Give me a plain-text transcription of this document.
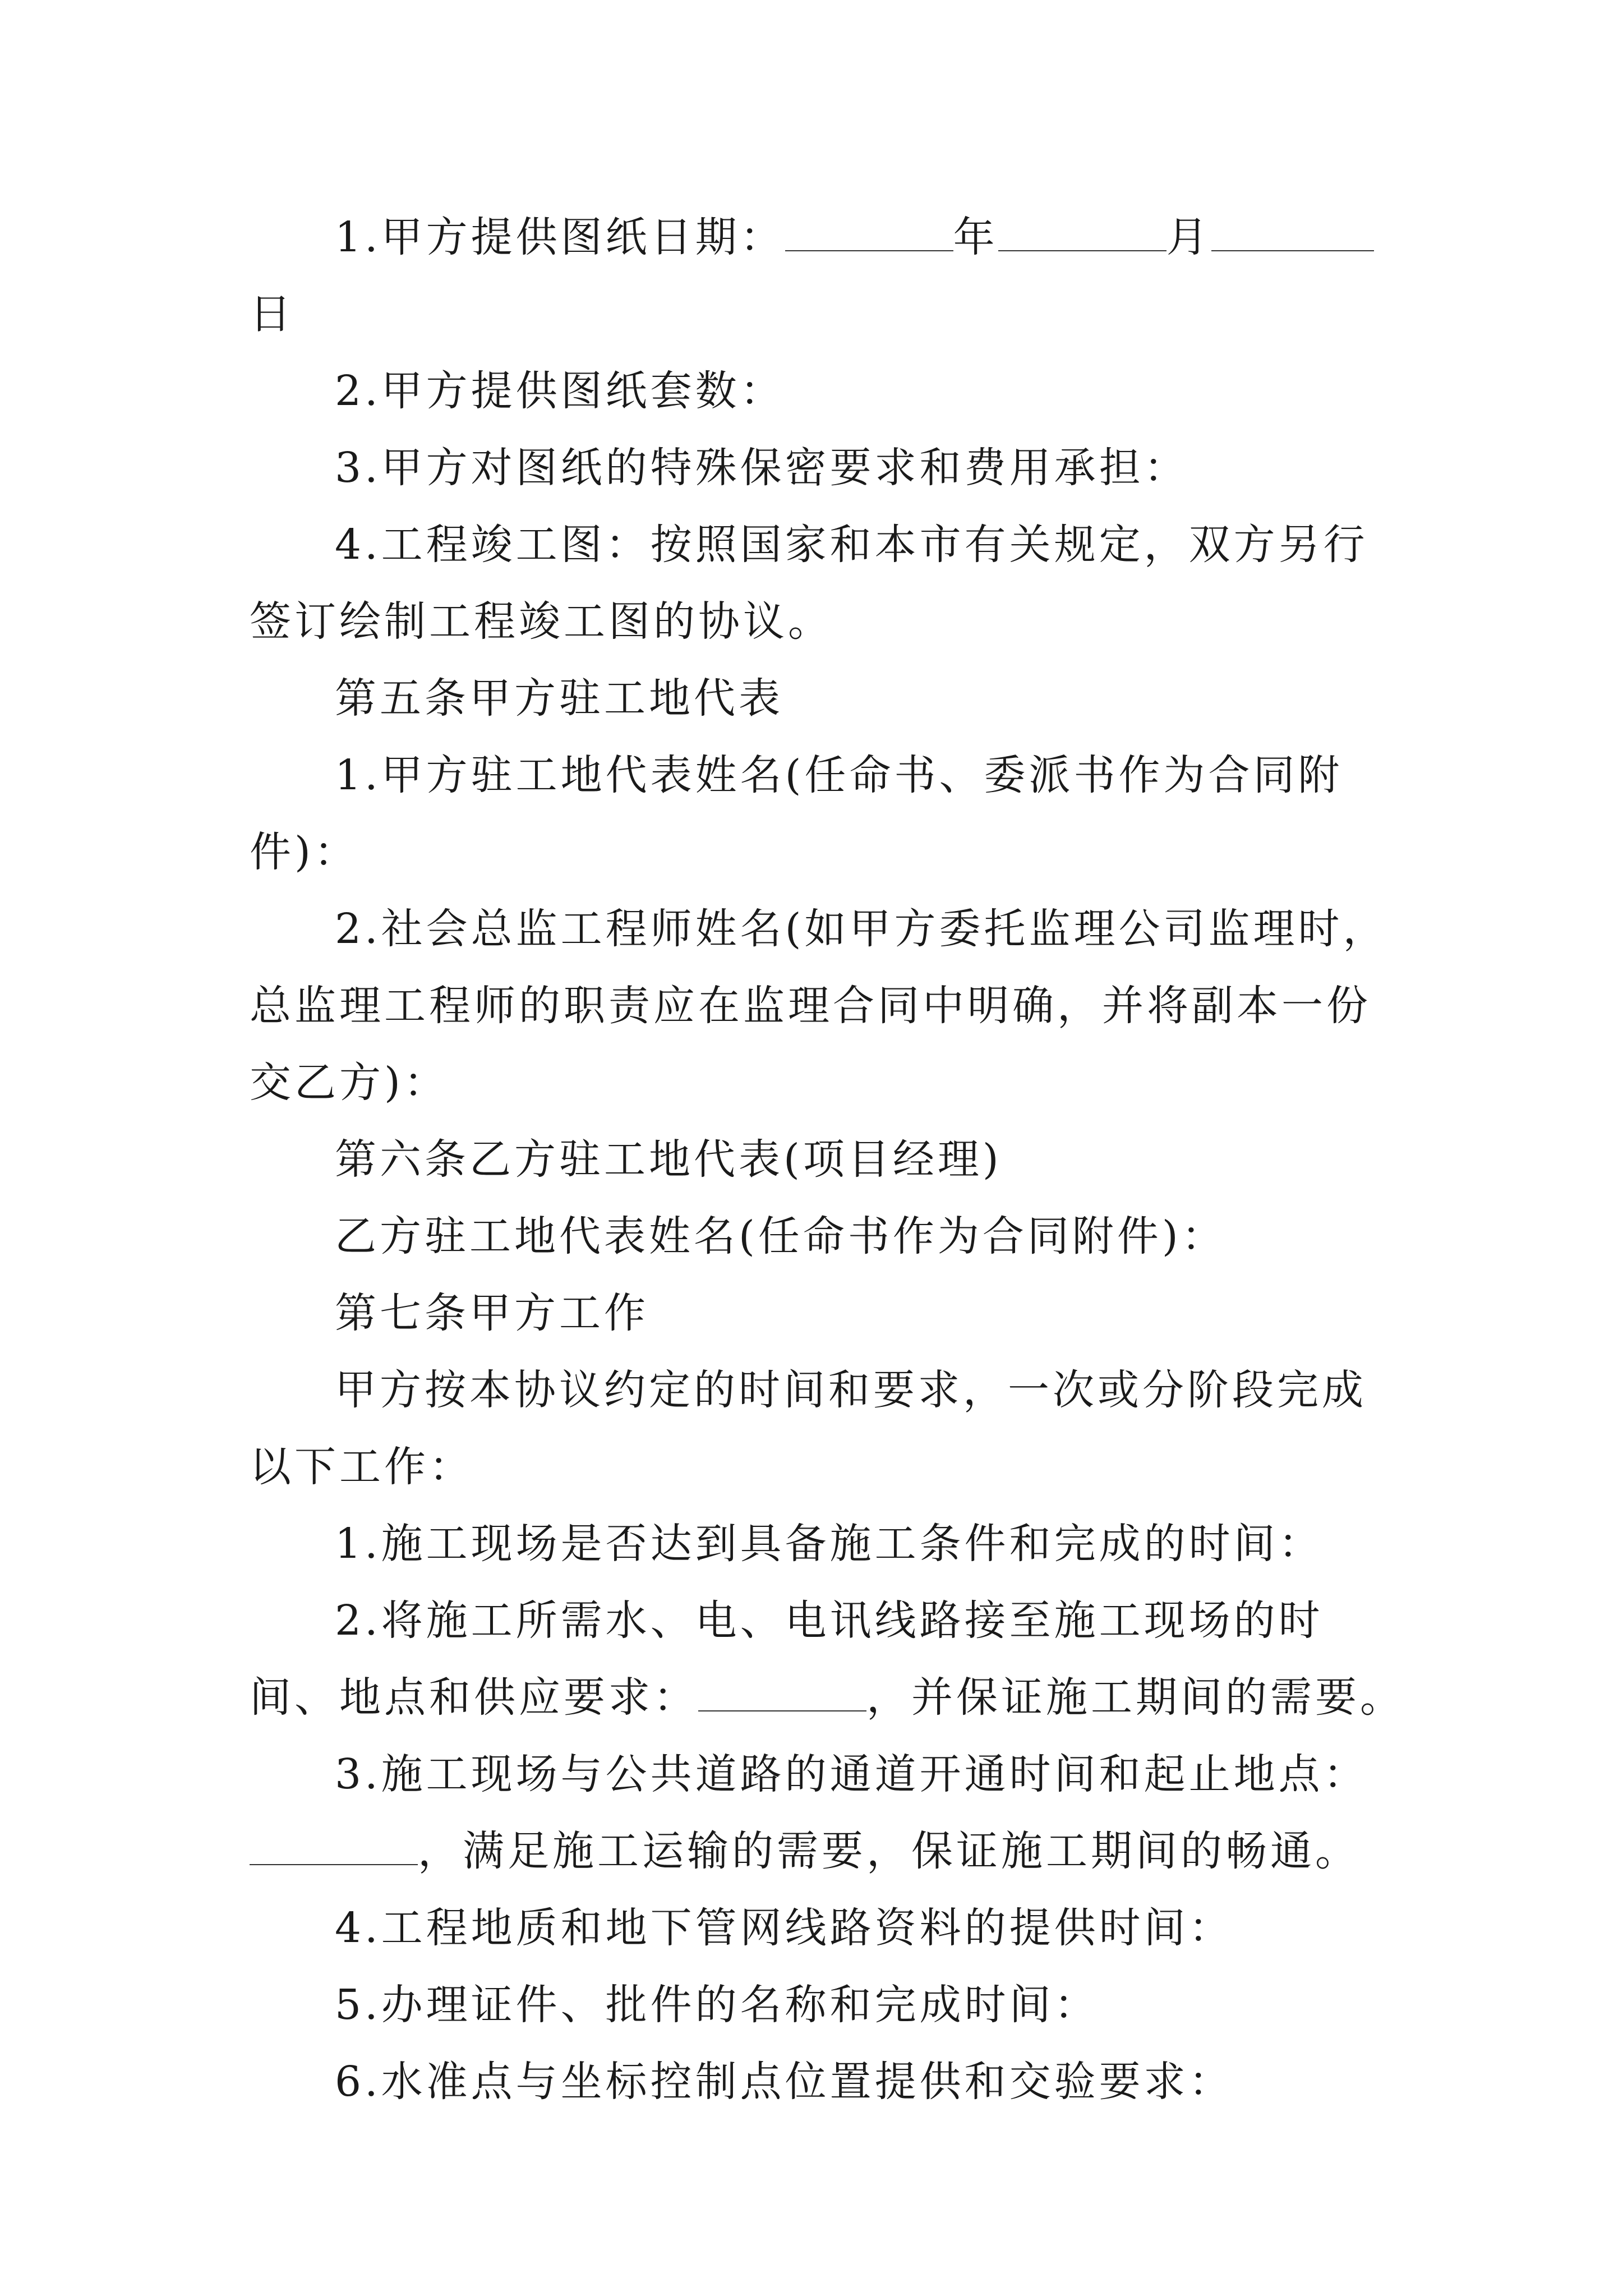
1.甲方提供图纸日期：	年	月日

2.甲方提供图纸套数：

3.甲方对图纸的特殊保密要求和费用承担：

4.工程竣工图：按照国家和本市有关规定，双方另行签订绘制工程竣工图的协议。

第五条甲方驻工地代表

1.甲方驻工地代表姓名(任命书、委派书作为合同附件)：

2.社会总监工程师姓名(如甲方委托监理公司监理时，总监理工程师的职责应在监理合同中明确，并将副本一份交乙方)：

第六条乙方驻工地代表(项目经理)

乙方驻工地代表姓名(任命书作为合同附件)：

第七条甲方工作

甲方按本协议约定的时间和要求，一次或分阶段完成以下工作：

1.施工现场是否达到具备施工条件和完成的时间：

2.将施工所需水、电、电讯线路接至施工现场的时间、地点和供应要求：	，并保证施工期间的需要。

3.施工现场与公共道路的通道开通时间和起止地点：，满足施工运输的需要，保证施工期间的畅通。

4.工程地质和地下管网线路资料的提供时间：

5.办理证件、批件的名称和完成时间：

6.水准点与坐标控制点位置提供和交验要求：
